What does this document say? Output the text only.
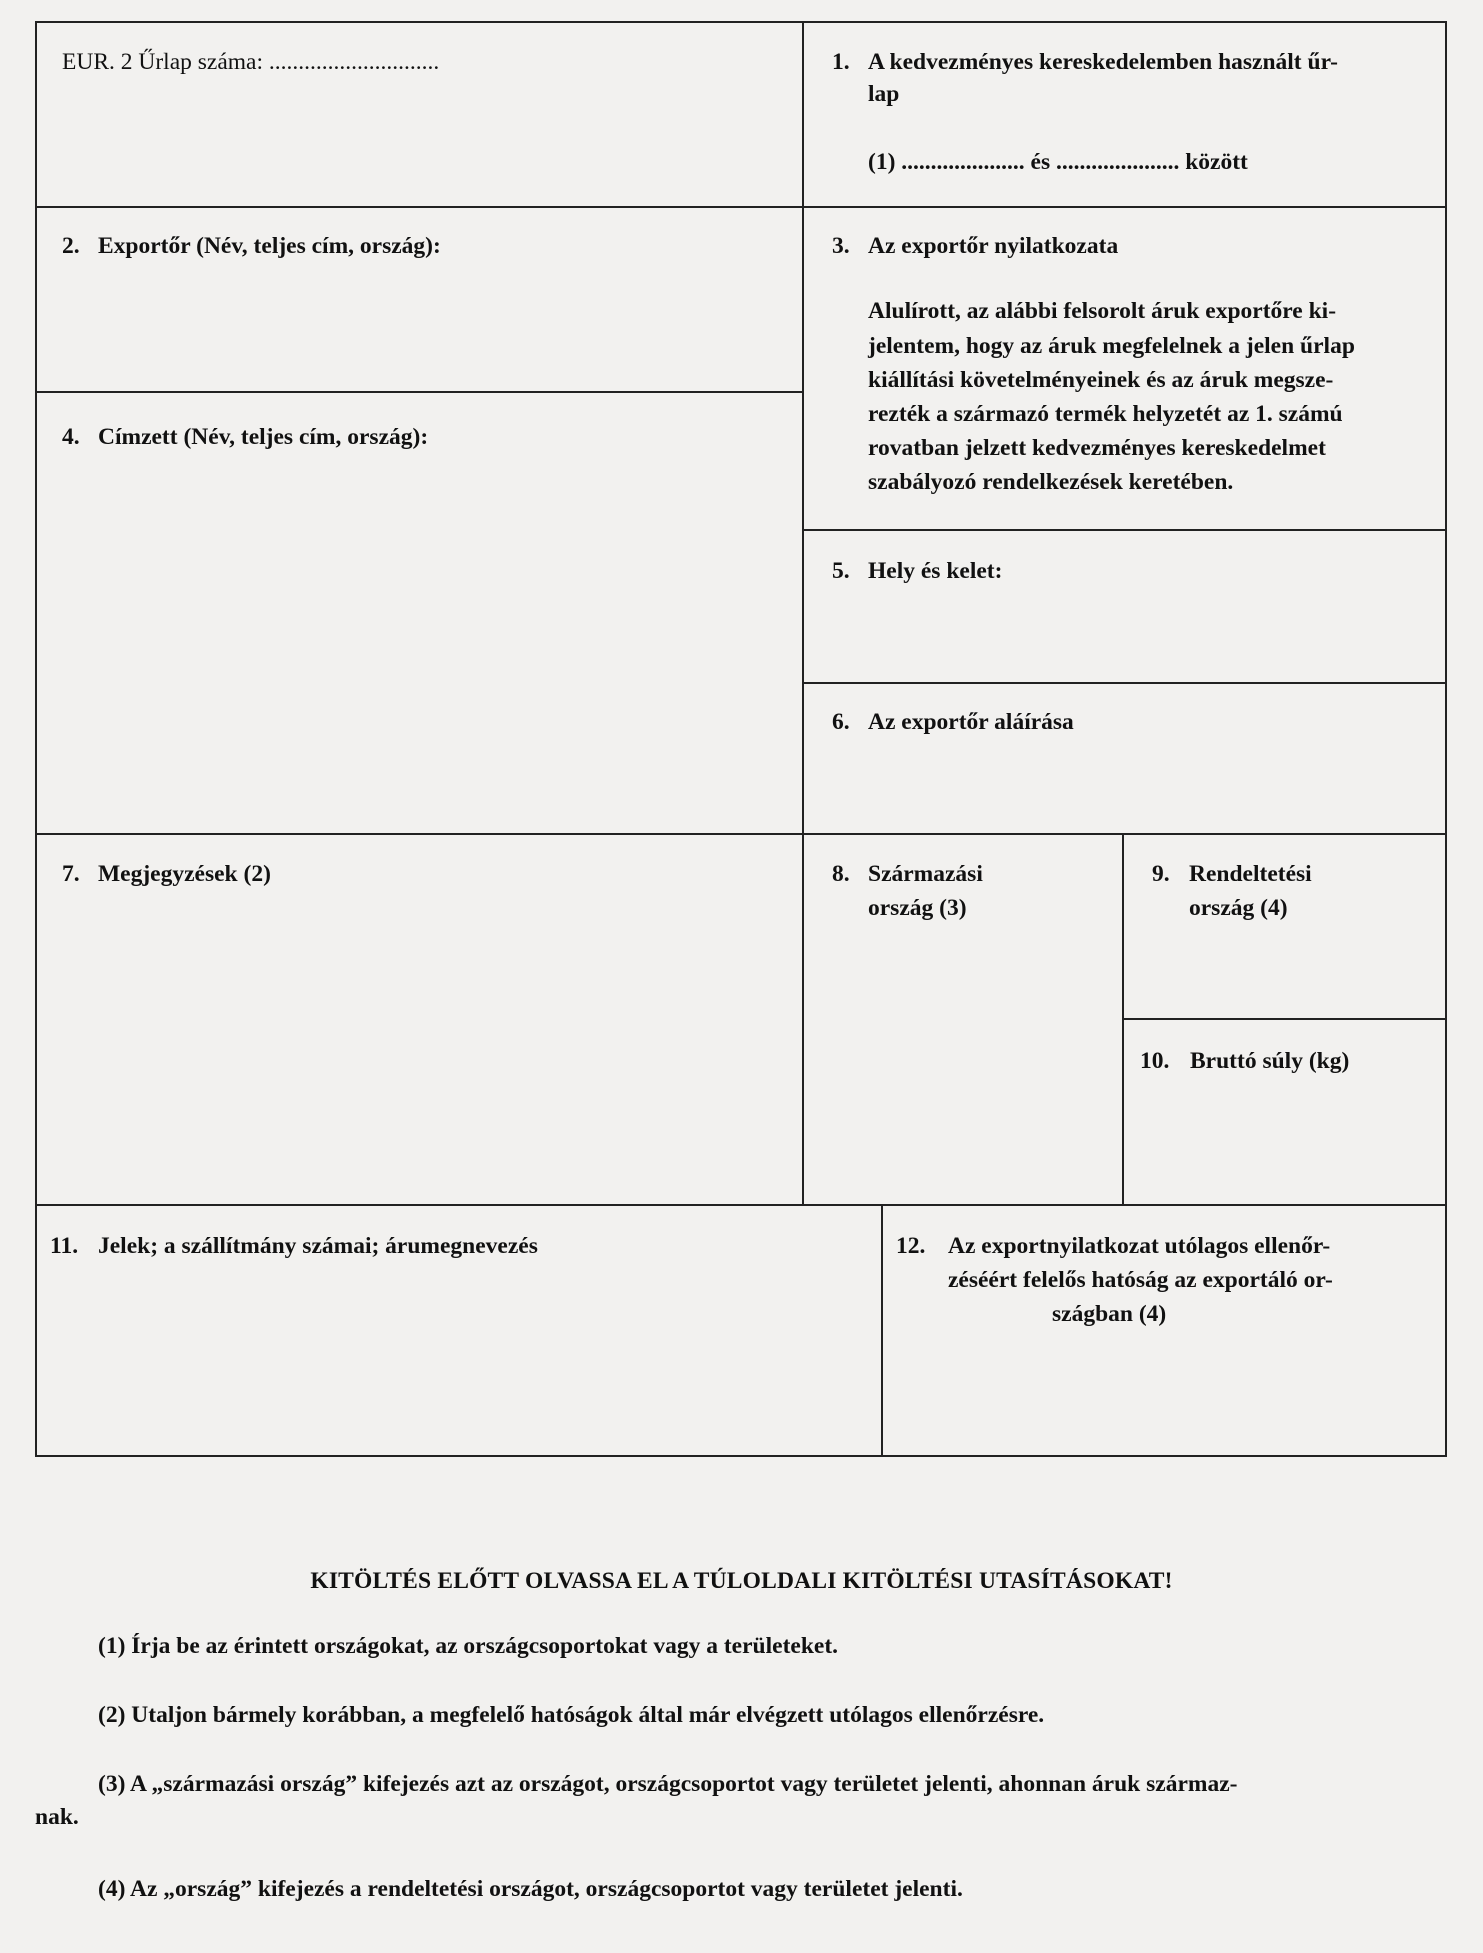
EUR. 2 Űrlap száma: .............................	1. A kedvezményes kereskedelemben használt űr-
lap
(1) ..................... és ..................... között
2. Exportőr (Név, teljes cím, ország):	3. Az exportőr nyilatkozata
Alulírott, az alábbi felsorolt áruk exportőre ki-
jelentem, hogy az áruk megfelelnek a jelen űrlap
kiállítási követelményeinek és az áruk megsze-
rezték a származó termék helyzetét az 1. számú
rovatban jelzett kedvezményes kereskedelmet
szabályozó rendelkezések keretében.
4. Címzett (Név, teljes cím, ország):
5. Hely és kelet:
6. Az exportőr aláírása
7. Megjegyzések (2)	8. Származási
ország (3)
9. Rendeltetési
ország (4)
10. Bruttó súly (kg)
11. Jelek; a szállítmány számai; árumegnevezés	12. Az exportnyilatkozat utólagos ellenőr-
zéséért felelős hatóság az exportáló or-
szágban (4)
KITÖLTÉS ELŐTT OLVASSA EL A TÚLOLDALI KITÖLTÉSI UTASÍTÁSOKAT!
(1) Írja be az érintett országokat, az országcsoportokat vagy a területeket.
(2) Utaljon bármely korábban, a megfelelő hatóságok által már elvégzett utólagos ellenőrzésre.
(3) A „származási ország” kifejezés azt az országot, országcsoportot vagy területet jelenti, ahonnan áruk származ-
nak.
(4) Az „ország” kifejezés a rendeltetési országot, országcsoportot vagy területet jelenti.
